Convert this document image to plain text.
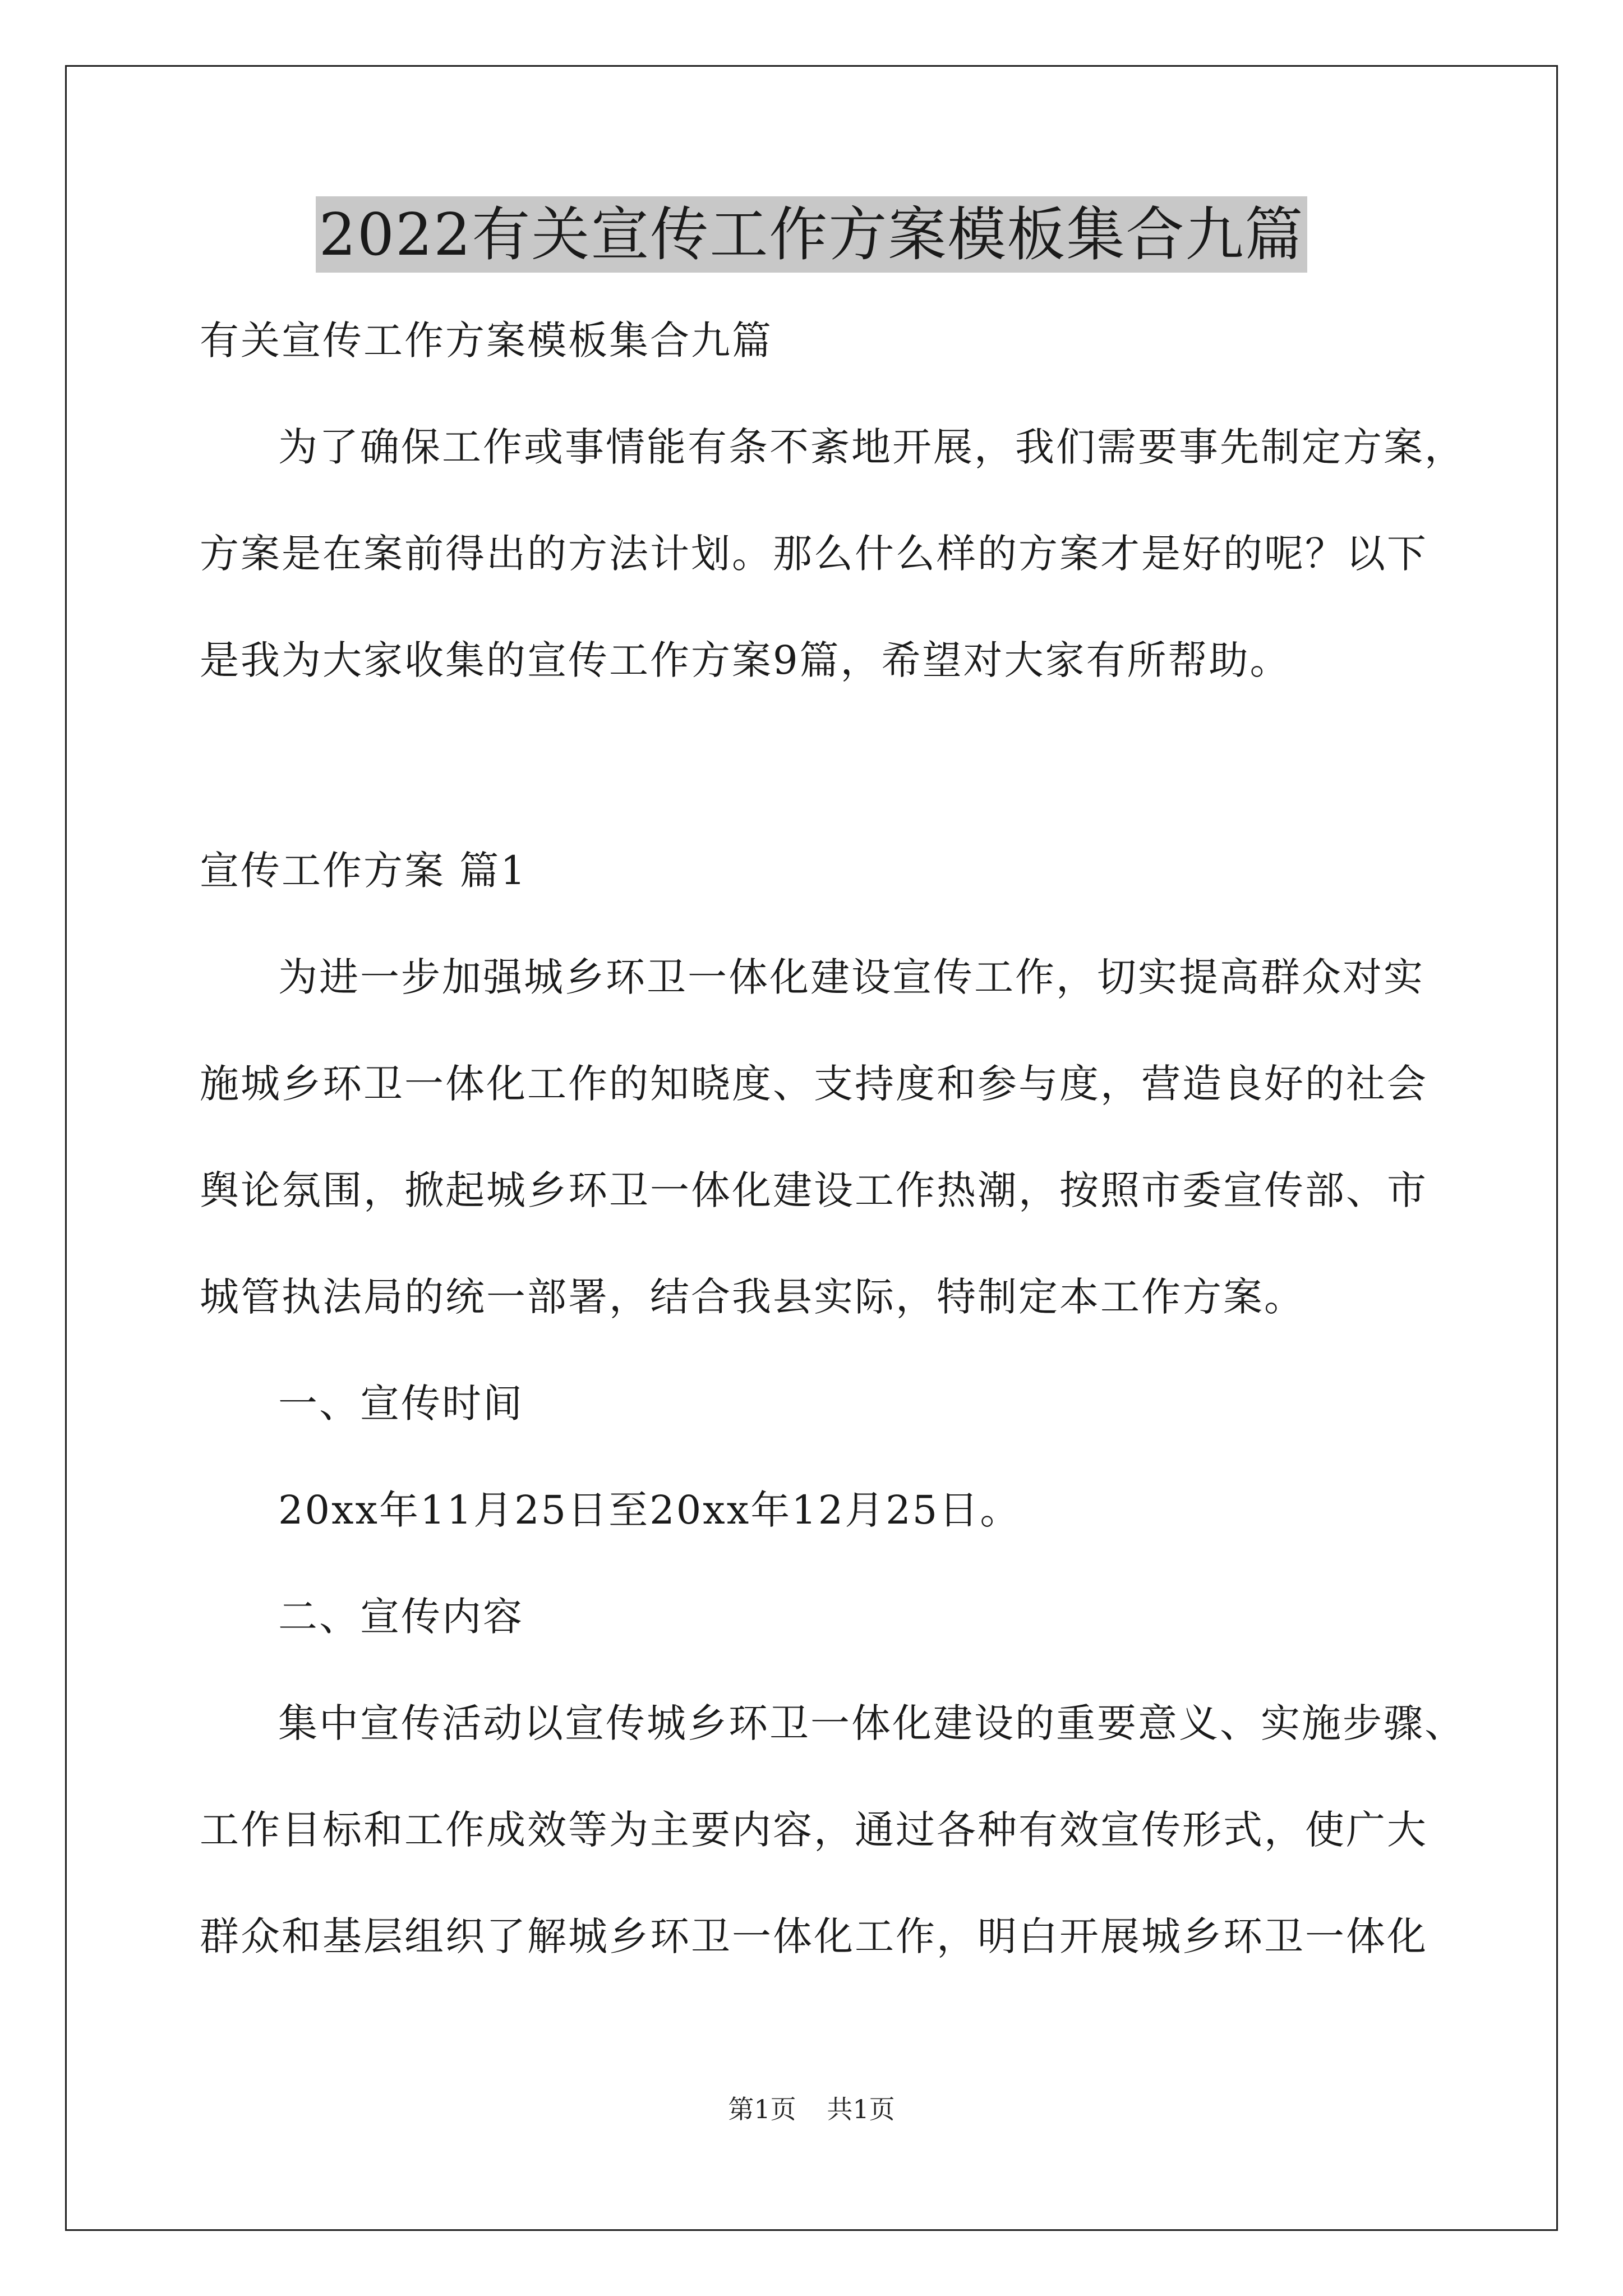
2022有关宣传工作方案模板集合九篇
有关宣传工作方案模板集合九篇
为了确保工作或事情能有条不紊地开展，我们需要事先制定方案，
方案是在案前得出的方法计划。那么什么样的方案才是好的呢？以下
是我为大家收集的宣传工作方案9篇，希望对大家有所帮助。
宣传工作方案 篇1
为进一步加强城乡环卫一体化建设宣传工作，切实提高群众对实
施城乡环卫一体化工作的知晓度、支持度和参与度，营造良好的社会
舆论氛围，掀起城乡环卫一体化建设工作热潮，按照市委宣传部、市
城管执法局的统一部署，结合我县实际，特制定本工作方案。
一、宣传时间
20xx年11月25日至20xx年12月25日。
二、宣传内容
集中宣传活动以宣传城乡环卫一体化建设的重要意义、实施步骤、
工作目标和工作成效等为主要内容，通过各种有效宣传形式，使广大
群众和基层组织了解城乡环卫一体化工作，明白开展城乡环卫一体化
第1页 共1页
